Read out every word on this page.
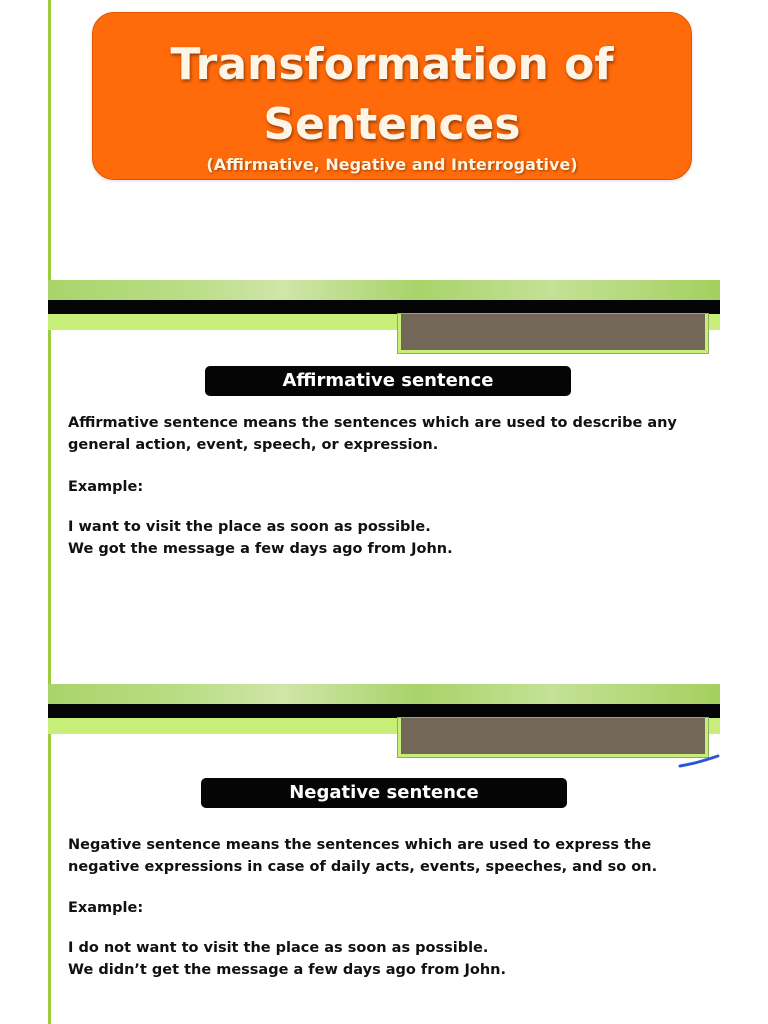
Transformation of Sentences
(Affirmative, Negative and Interrogative)
Affirmative sentence

Affirmative sentence means the sentences which are used to describe any

general action, event, speech, or expression.

Example:

I want to visit the place as soon as possible.

We got the message a few days ago from John.

Negative sentence

Negative sentence means the sentences which are used to express the

negative expressions in case of daily acts, events, speeches, and so on.

Example:

I do not want to visit the place as soon as possible.

We didn’t get the message a few days ago from John.
